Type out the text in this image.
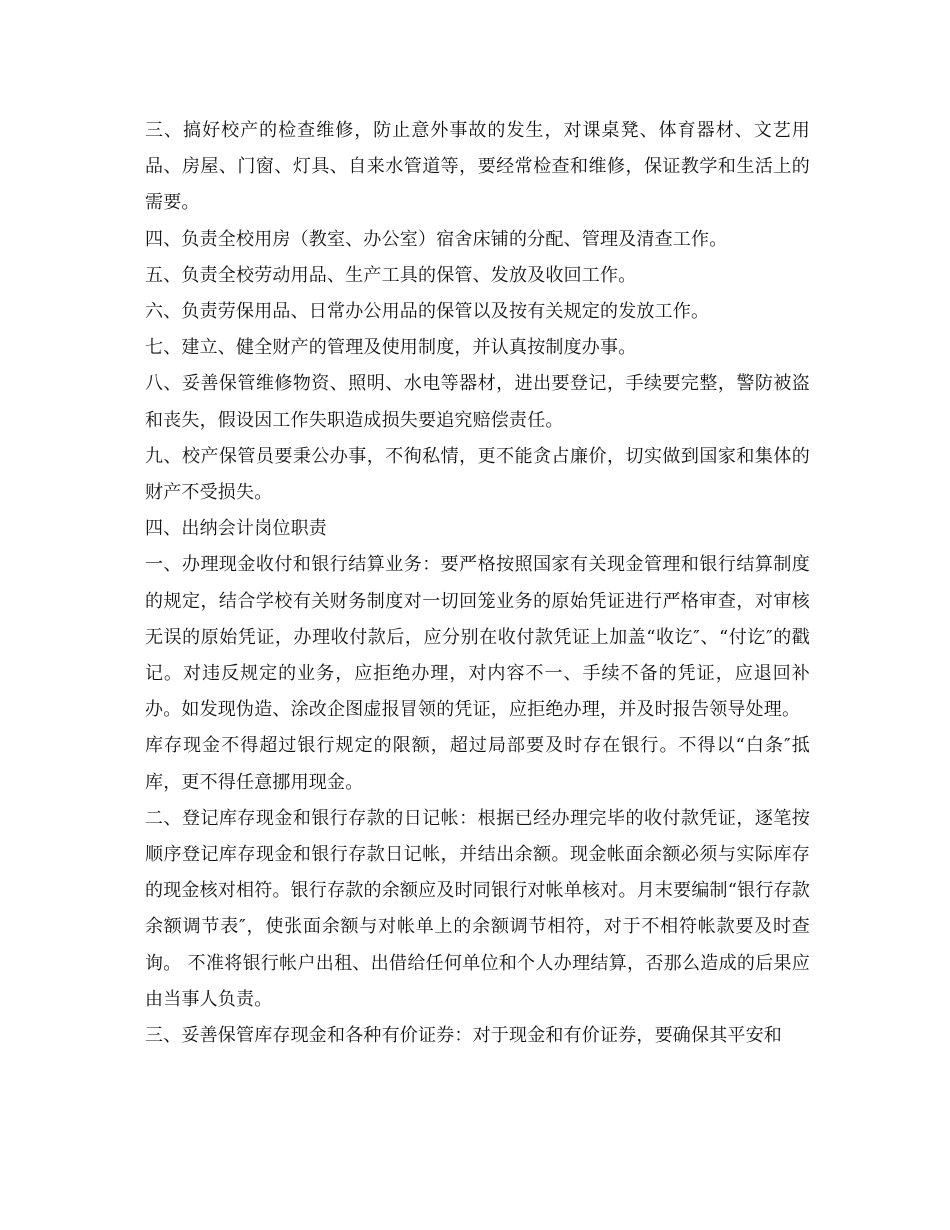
三、搞好校产的检查维修，防止意外事故的发生，对课桌凳、体育器材、文艺用品、房屋、门窗、灯具、自来水管道等，要经常检查和维修，保证教学和生活上的需要。

四、负责全校用房（教室、办公室）宿舍床铺的分配、管理及清查工作。

五、负责全校劳动用品、生产工具的保管、发放及收回工作。

六、负责劳保用品、日常办公用品的保管以及按有关规定的发放工作。

七、建立、健全财产的管理及使用制度，并认真按制度办事。

八、妥善保管维修物资、照明、水电等器材，进出要登记，手续要完整，警防被盗和丧失，假设因工作失职造成损失要追究赔偿责任。

九、校产保管员要秉公办事，不徇私情，更不能贪占廉价，切实做到国家和集体的财产不受损失。

四、出纳会计岗位职责

一、办理现金收付和银行结算业务：要严格按照国家有关现金管理和银行结算制度的规定，结合学校有关财务制度对一切回笼业务的原始凭证进行严格审查，对审核无误的原始凭证，办理收付款后，应分别在收付款凭证上加盖“收讫″、“付讫″的戳记。对违反规定的业务，应拒绝办理，对内容不一、手续不备的凭证，应退回补办。如发现伪造、涂改企图虚报冒领的凭证，应拒绝办理，并及时报告领导处理。

库存现金不得超过银行规定的限额，超过局部要及时存在银行。不得以“白条″抵库，更不得任意挪用现金。

二、登记库存现金和银行存款的日记帐：根据已经办理完毕的收付款凭证，逐笔按顺序登记库存现金和银行存款日记帐，并结出余额。现金帐面余额必须与实际库存的现金核对相符。银行存款的余额应及时同银行对帐单核对。月末要编制“银行存款余额调节表″，使张面余额与对帐单上的余额调节相符，对于不相符帐款要及时查询。 不准将银行帐户出租、出借给任何单位和个人办理结算，否那么造成的后果应由当事人负责。

三、妥善保管库存现金和各种有价证券：对于现金和有价证券，要确保其平安和
